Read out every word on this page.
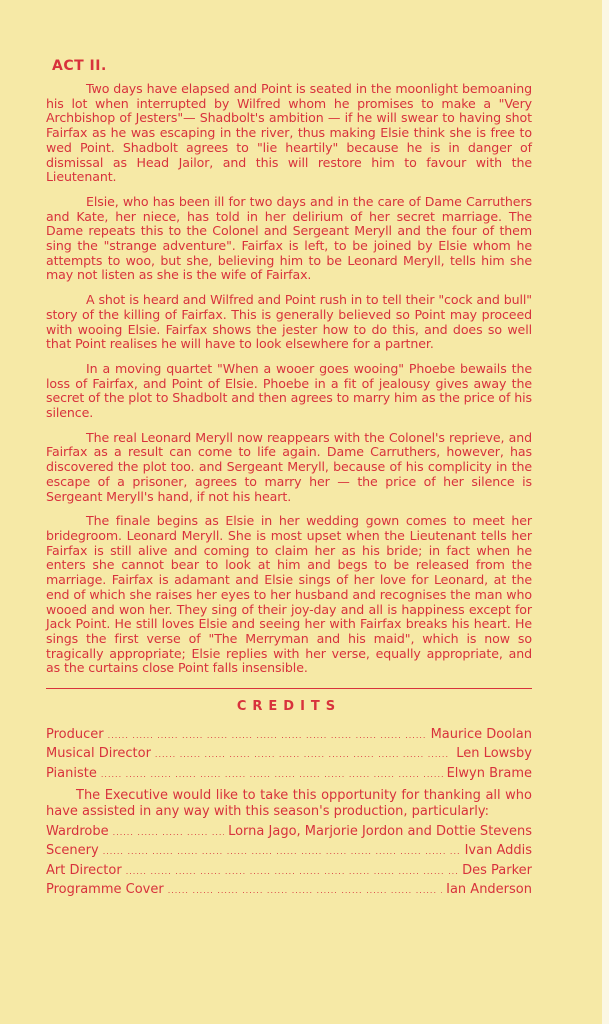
ACT II.

Two days have elapsed and Point is seated in the moonlight bemoaning his lot when interrupted by Wilfred whom he promises to make a "Very Archbishop of Jesters"— Shadbolt's ambition — if he will swear to having shot Fairfax as he was escaping in the river, thus making Elsie think she is free to wed Point. Shadbolt agrees to "lie heartily" because he is in danger of dismissal as Head Jailor, and this will restore him to favour with the Lieutenant.

Elsie, who has been ill for two days and in the care of Dame Carruthers and Kate, her niece, has told in her delirium of her secret marriage. The Dame repeats this to the Colonel and Sergeant Meryll and the four of them sing the "strange adventure". Fairfax is left, to be joined by Elsie whom he attempts to woo, but she, believing him to be Leonard Meryll, tells him she may not listen as she is the wife of Fairfax.

A shot is heard and Wilfred and Point rush in to tell their "cock and bull" story of the killing of Fairfax. This is generally believed so Point may proceed with wooing Elsie. Fairfax shows the jester how to do this, and does so well that Point realises he will have to look elsewhere for a partner.

In a moving quartet "When a wooer goes wooing" Phoebe bewails the loss of Fairfax, and Point of Elsie. Phoebe in a fit of jealousy gives away the secret of the plot to Shadbolt and then agrees to marry him as the price of his silence.

The real Leonard Meryll now reappears with the Colonel's reprieve, and Fairfax as a result can come to life again. Dame Carruthers, however, has discovered the plot too. and Sergeant Meryll, because of his complicity in the escape of a prisoner, agrees to marry her — the price of her silence is Sergeant Meryll's hand, if not his heart.

The finale begins as Elsie in her wedding gown comes to meet her bridegroom. Leonard Meryll. She is most upset when the Lieutenant tells her Fairfax is still alive and coming to claim her as his bride; in fact when he enters she cannot bear to look at him and begs to be released from the marriage. Fairfax is adamant and Elsie sings of her love for Leonard, at the end of which she raises her eyes to her husband and recognises the man who wooed and won her. They sing of their joy-day and all is happiness except for Jack Point. He still loves Elsie and seeing her with Fairfax breaks his heart. He sings the first verse of "The Merryman and his maid", which is now so tragically appropriate; Elsie replies with her verse, equally appropriate, and as the curtains close Point falls insensible.

CREDITS
Producer .....	Maurice Doolan
Musical Director .....	Len Lowsby
Pianiste .....	Elwyn Brame

The Executive would like to take this opportunity for thanking all who have assisted in any way with this season's production, particularly:

Wardrobe .....	Lorna Jago, Marjorie Jordon and Dottie Stevens
Scenery .....	Ivan Addis
Art Director .....	Des Parker
Programme Cover .....	Ian Anderson
